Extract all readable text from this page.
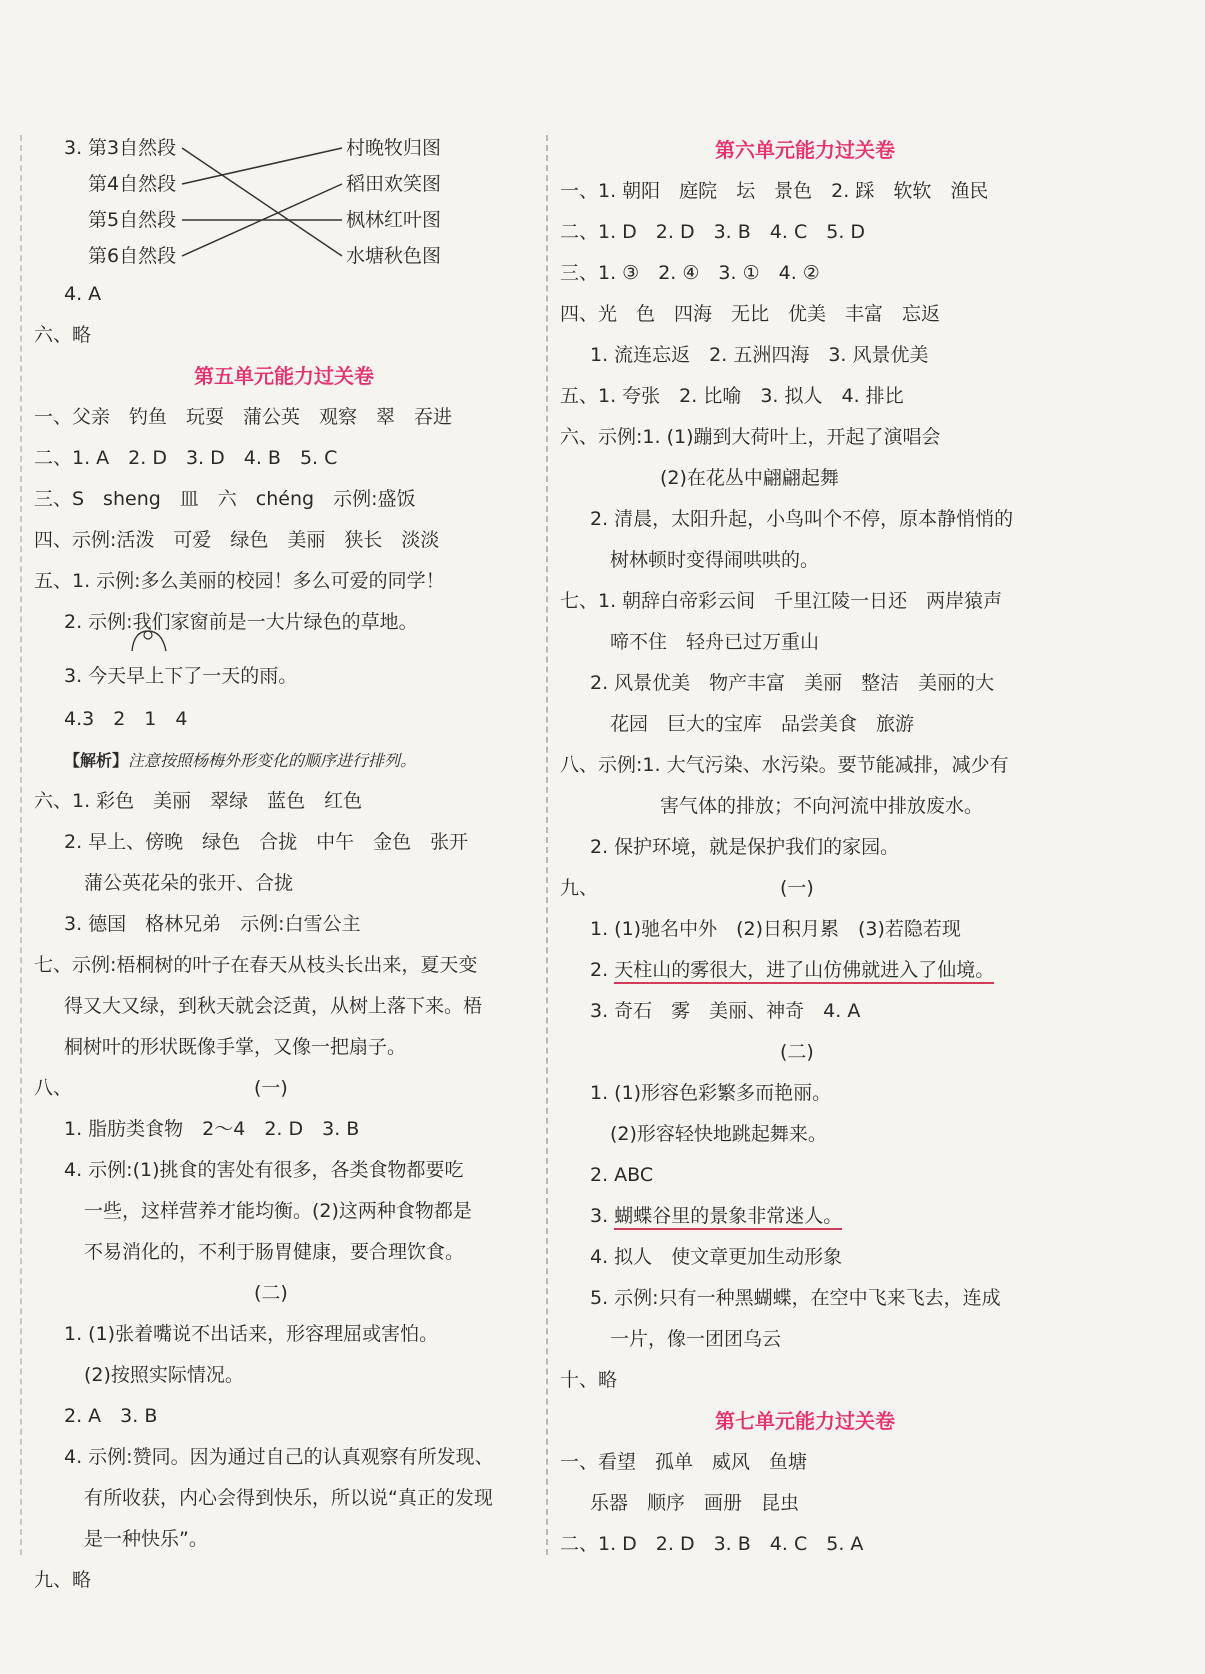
3. 第3自然段
第4自然段
第5自然段
第6自然段
村晚牧归图
稻田欢笑图
枫林红叶图
水塘秋色图
4. A
六、略
第五单元能力过关卷
一、父亲　钓鱼　玩耍　蒲公英　观察　翠　吞进
二、1. A　2. D　3. D　4. B　5. C
三、S　sheng　皿　六　chéng　示例:盛饭
四、示例:活泼　可爱　绿色　美丽　狭长　淡淡
五、1. 示例:多么美丽的校园！多么可爱的同学！
2. 示例:我们家窗前是一大片绿色的草地。
3. 今天
早上下了一天的雨。
4.3　2　1　4
【解析】注意按照杨梅外形变化的顺序进行排列。
六、1. 彩色　美丽　翠绿　蓝色　红色
2. 早上、傍晚　绿色　合拢　中午　金色　张开
蒲公英花朵的张开、合拢
3. 德国　格林兄弟　示例:白雪公主
七、示例:梧桐树的叶子在春天从枝头长出来，夏天变
得又大又绿，到秋天就会泛黄，从树上落下来。梧
桐树叶的形状既像手掌，又像一把扇子。
八、	(一)
1. 脂肪类食物　2～4　2. D　3. B
4. 示例:(1)挑食的害处有很多，各类食物都要吃
一些，这样营养才能均衡。(2)这两种食物都是
不易消化的，不利于肠胃健康，要合理饮食。
(二)
1. (1)张着嘴说不出话来，形容理屈或害怕。
(2)按照实际情况。
2. A　3. B
4. 示例:赞同。因为通过自己的认真观察有所发现、
有所收获，内心会得到快乐，所以说“真正的发现
是一种快乐”。
九、略
第六单元能力过关卷
一、1. 朝阳　庭院　坛　景色　2. 踩　软软　渔民
二、1. D　2. D　3. B　4. C　5. D
三、1. ③　2. ④　3. ①　4. ②
四、光　色　四海　无比　优美　丰富　忘返
1. 流连忘返　2. 五洲四海　3. 风景优美
五、1. 夸张　2. 比喻　3. 拟人　4. 排比
六、示例:1. (1)蹦到大荷叶上，开起了演唱会
(2)在花丛中翩翩起舞
2. 清晨，太阳升起，小鸟叫个不停，原本静悄悄的
树林顿时变得闹哄哄的。
七、1. 朝辞白帝彩云间　千里江陵一日还　两岸猿声
啼不住　轻舟已过万重山
2. 风景优美　物产丰富　美丽　整洁　美丽的大
花园　巨大的宝库　品尝美食　旅游
八、示例:1. 大气污染、水污染。要节能减排，减少有
害气体的排放；不向河流中排放废水。
2. 保护环境，就是保护我们的家园。
九、	(一)
1. (1)驰名中外　(2)日积月累　(3)若隐若现
2. 天柱山的雾很大，进了山仿佛就进入了仙境。
3. 奇石　雾　美丽、神奇　4. A
(二)
1. (1)形容色彩繁多而艳丽。
(2)形容轻快地跳起舞来。
2. ABC
3. 蝴蝶谷里的景象非常迷人。
4. 拟人　使文章更加生动形象
5. 示例:只有一种黑蝴蝶，在空中飞来飞去，连成
一片，像一团团乌云
十、略
第七单元能力过关卷
一、看望　孤单　威风　鱼塘
乐器　顺序　画册　昆虫
二、1. D　2. D　3. B　4. C　5. A
